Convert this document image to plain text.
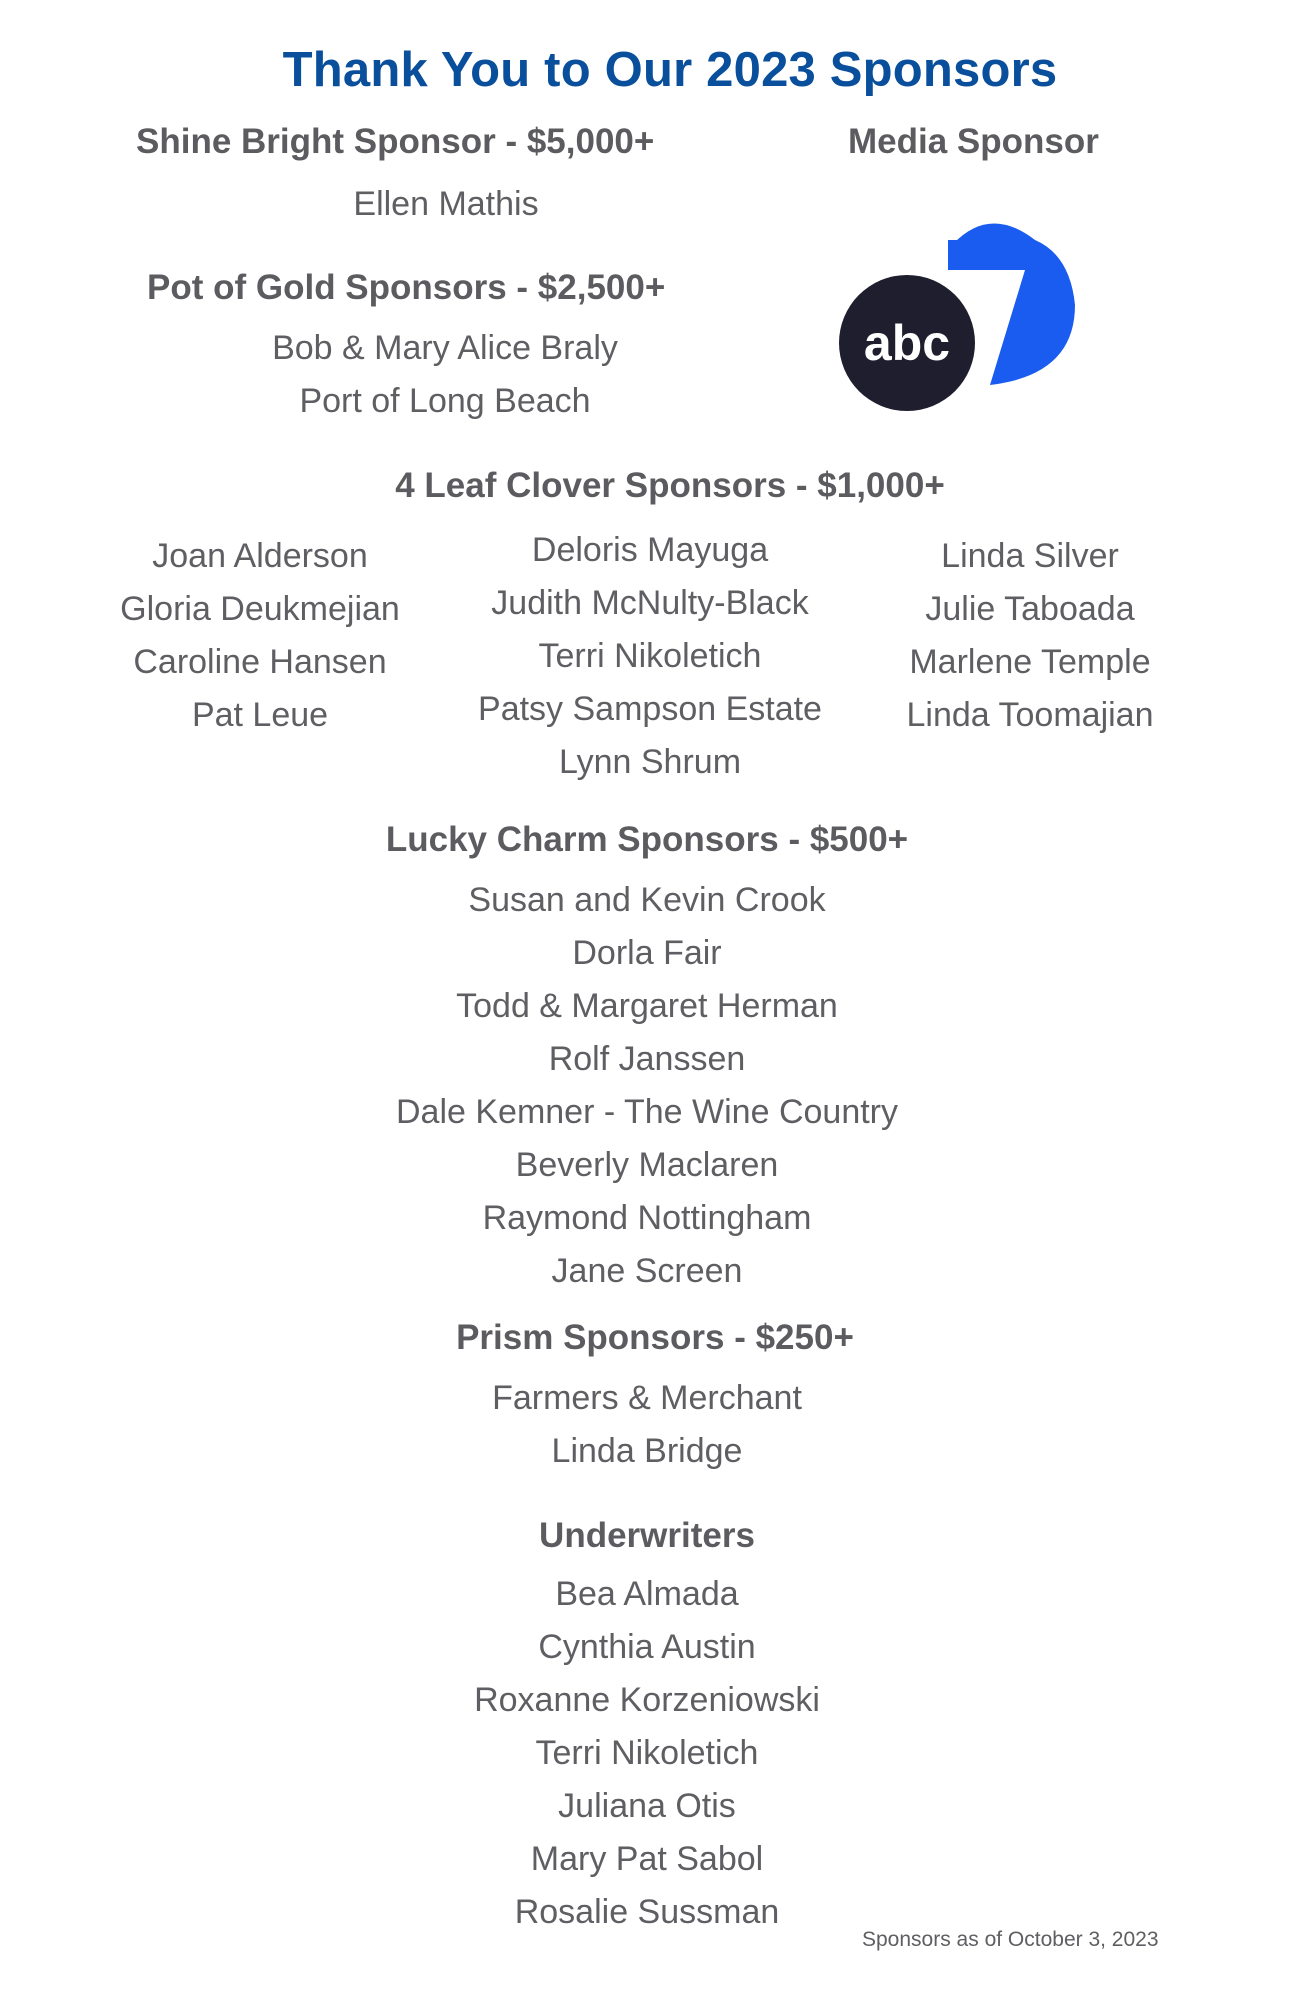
Thank You to Our 2023 Sponsors
Shine Bright Sponsor - $5,000+
Ellen Mathis
Media Sponsor
abc
Pot of Gold Sponsors - $2,500+
Bob & Mary Alice Braly
Port of Long Beach
4 Leaf Clover Sponsors - $1,000+
Joan Alderson
Gloria Deukmejian
Caroline Hansen
Pat Leue
Deloris Mayuga
Judith McNulty-Black
Terri Nikoletich
Patsy Sampson Estate
Lynn Shrum
Linda Silver
Julie Taboada
Marlene Temple
Linda Toomajian
Lucky Charm Sponsors - $500+
Susan and Kevin Crook
Dorla Fair
Todd & Margaret Herman
Rolf Janssen
Dale Kemner - The Wine Country
Beverly Maclaren
Raymond Nottingham
Jane Screen
Prism Sponsors - $250+
Farmers & Merchant
Linda Bridge
Underwriters
Bea Almada
Cynthia Austin
Roxanne Korzeniowski
Terri Nikoletich
Juliana Otis
Mary Pat Sabol
Rosalie Sussman
Sponsors as of October 3, 2023
